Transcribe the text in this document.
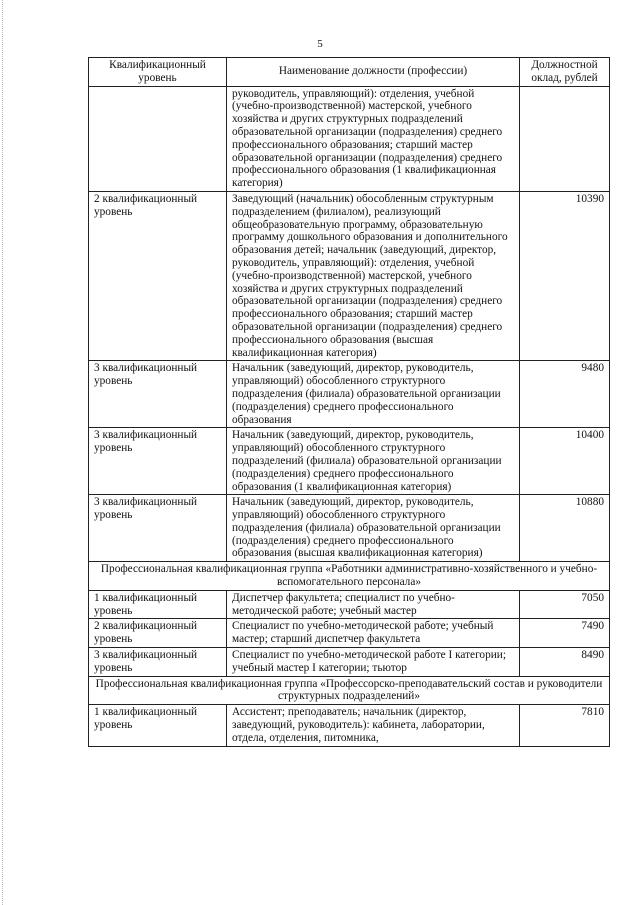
5
Квалификационный уровень	Наименование должности (профессии)	Должностной оклад, рублей
	руководитель, управляющий): отделения, учебной (учебно-производственной) мастерской, учебного хозяйства и других структурных подразделений образовательной организации (подразделения) среднего профессионального образования; старший мастер образовательной организации (подразделения) среднего профессионального образования (1 квалификационная категория)	
2 квалификационный уровень	Заведующий (начальник) обособленным структурным подразделением (филиалом), реализующий общеобразовательную программу, образовательную программу дошкольного образования и дополнительного образования детей; начальник (заведующий, директор, руководитель, управляющий): отделения, учебной (учебно-производственной) мастерской, учебного хозяйства и других структурных подразделений образовательной организации (подразделения) среднего профессионального образования; старший мастер образовательной организации (подразделения) среднего профессионального образования (высшая квалификационная категория)	10390
3 квалификационный уровень	Начальник (заведующий, директор, руководитель, управляющий) обособленного структурного подразделения (филиала) образовательной организации (подразделения) среднего профессионального образования	9480
3 квалификационный уровень	Начальник (заведующий, директор, руководитель, управляющий) обособленного структурного подразделений (филиала) образовательной организации (подразделения) среднего профессионального образования (1 квалификационная категория)	10400
3 квалификационный уровень	Начальник (заведующий, директор, руководитель, управляющий) обособленного структурного подразделения (филиала) образовательной организации (подразделения) среднего профессионального образования (высшая квалификационная категория)	10880
Профессиональная квалификационная группа «Работники административно-хозяйственного и учебно-вспомогательного персонала»		
1 квалификационный уровень	Диспетчер факультета; специалист по учебно-методической работе; учебный мастер	7050
2 квалификационный уровень	Специалист по учебно-методической работе; учебный мастер; старший диспетчер факультета	7490
3 квалификационный уровень	Специалист по учебно-методической работе I категории; учебный мастер I категории; тьютор	8490
Профессиональная квалификационная группа «Профессорско-преподавательский состав и руководители структурных подразделений»		
1 квалификационный уровень	Ассистент; преподаватель; начальник (директор, заведующий, руководитель): кабинета, лаборатории, отдела, отделения, питомника,	7810
